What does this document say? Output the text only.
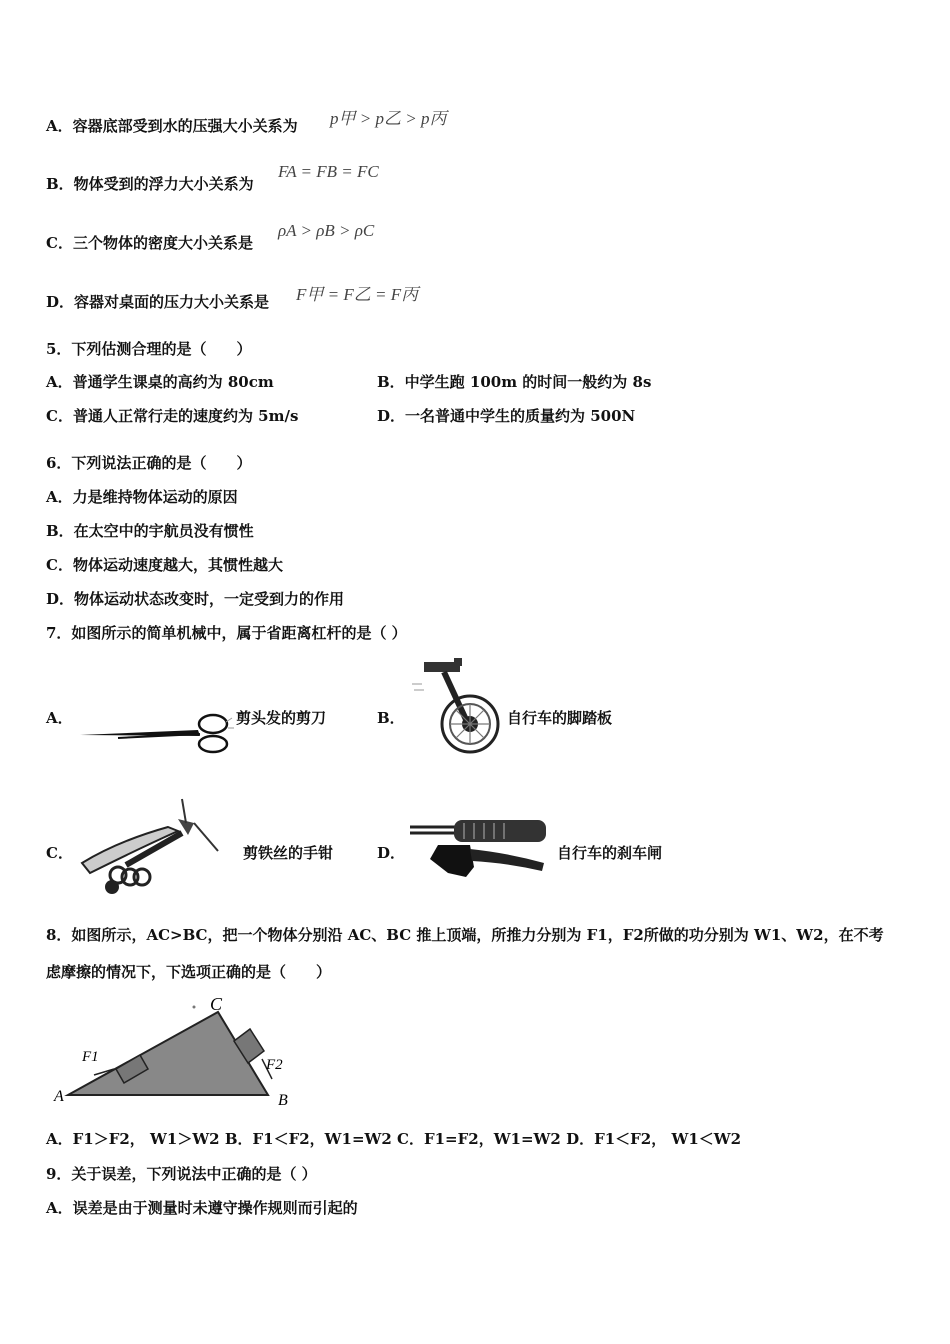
A．容器底部受到水的压强大小关系为 p甲 > p乙 > p丙
B．物体受到的浮力大小关系为
FA = FB = FC
C．三个物体的密度大小关系是
ρA > ρB > ρC
D．容器对桌面的压力大小关系是 F甲 = F乙 = F丙
5．下列估测合理的是（　　）
A．普通学生课桌的高约为 80cm	B．中学生跑 100m 的时间一般约为 8s
C．普通人正常行走的速度约为 5m/s	D．一名普通中学生的质量约为 500N
6．下列说法正确的是（　　）
A．力是维持物体运动的原因
B．在太空中的宇航员没有惯性
C．物体运动速度越大，其惯性越大
D．物体运动状态改变时，一定受到力的作用
7．如图所示的简单机械中，属于省距离杠杆的是（ ）
A．	剪头发的剪刀	B．	自行车的脚踏板
C．	剪铁丝的手钳	D．	自行车的刹车闸
8．如图所示，AC>BC，把一个物体分别沿 AC、BC 推上顶端，所推力分别为 F1，F2所做的功分别为 W1、W2，在不考
虑摩擦的情况下，下选项正确的是（　　）
A	B
C
F1	F2
A．F1＞F2， W1＞W2 B．F1＜F2，W1=W2 C．F1=F2，W1=W2 D．F1＜F2， W1＜W2
9．关于误差，下列说法中正确的是（ ）
A．误差是由于测量时未遵守操作规则而引起的
